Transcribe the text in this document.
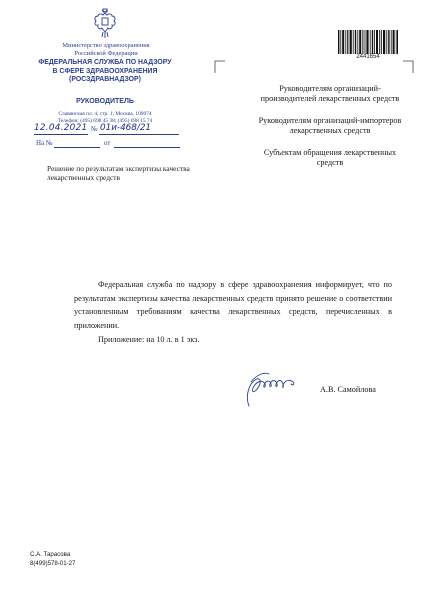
Министерство здравоохранения Российской Федерации
ФЕДЕРАЛЬНАЯ СЛУЖБА ПО НАДЗОРУ
В СФЕРЕ ЗДРАВООХРАНЕНИЯ
(РОСЗДРАВНАДЗОР)
РУКОВОДИТЕЛЬ
Славянская пл. 4, стр. 1, Москва, 109074
Телефон: (495) 698 45 38; (495) 698 15 74
12.04.2021 № 01и-468/21
На №	от
Решение по результатам экспертизы качества лекарственных средств
2441654
Руководителям организаций-производителей лекарственных средств
Руководителям организаций-импортеров лекарственных средств
Субъектам обращения лекарственных средств
Федеральная служба по надзору в сфере здравоохранения информирует, что по результатам экспертизы качества лекарственных средств принято решение о соответствии установленным требованиям качества лекарственных средств, перечисленных в приложении.
Приложение: на 10 л. в 1 экз.
А.В. Самойлова
С.А. Тарасова
8(499)578-01-27
